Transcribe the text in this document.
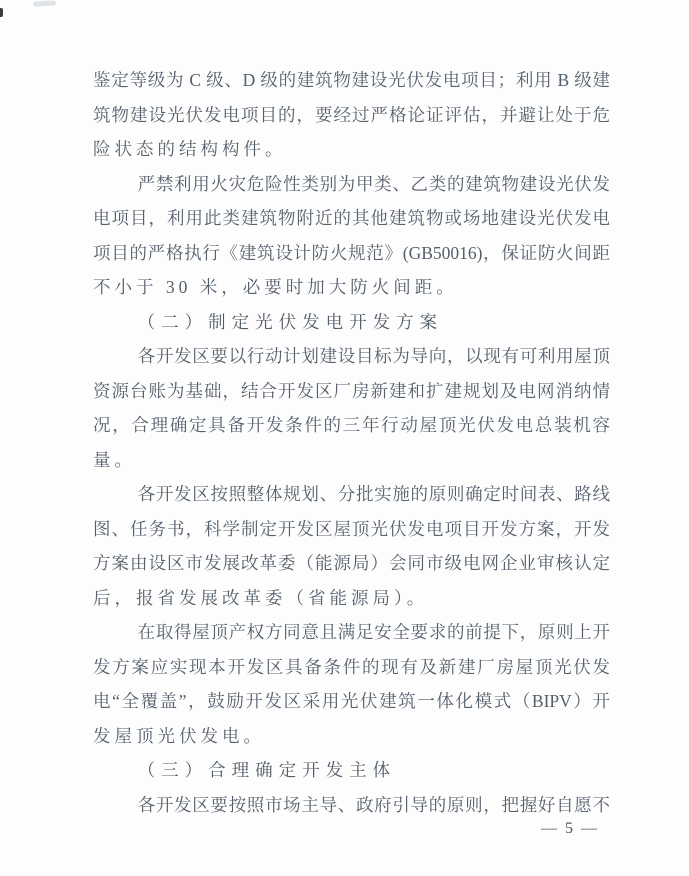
鉴定等级为 C 级、D 级的建筑物建设光伏发电项目；利用 B 级建
筑物建设光伏发电项目的，要经过严格论证评估，并避让处于危
险状态的结构构件。

严禁利用火灾危险性类别为甲类、乙类的建筑物建设光伏发
电项目，利用此类建筑物附近的其他建筑物或场地建设光伏发电
项目的严格执行《建筑设计防火规范》(GB50016)，保证防火间距
不小于 30 米，必要时加大防火间距。

（二）制定光伏发电开发方案

各开发区要以行动计划建设目标为导向，以现有可利用屋顶
资源台账为基础，结合开发区厂房新建和扩建规划及电网消纳情
况，合理确定具备开发条件的三年行动屋顶光伏发电总装机容
量。

各开发区按照整体规划、分批实施的原则确定时间表、路线
图、任务书，科学制定开发区屋顶光伏发电项目开发方案，开发
方案由设区市发展改革委（能源局）会同市级电网企业审核认定
后，报省发展改革委（省能源局）。

在取得屋顶产权方同意且满足安全要求的前提下，原则上开
发方案应实现本开发区具备条件的现有及新建厂房屋顶光伏发
电“全覆盖”，鼓励开发区采用光伏建筑一体化模式（BIPV）开
发屋顶光伏发电。

（三）合理确定开发主体

各开发区要按照市场主导、政府引导的原则，把握好自愿不

— 5 —
